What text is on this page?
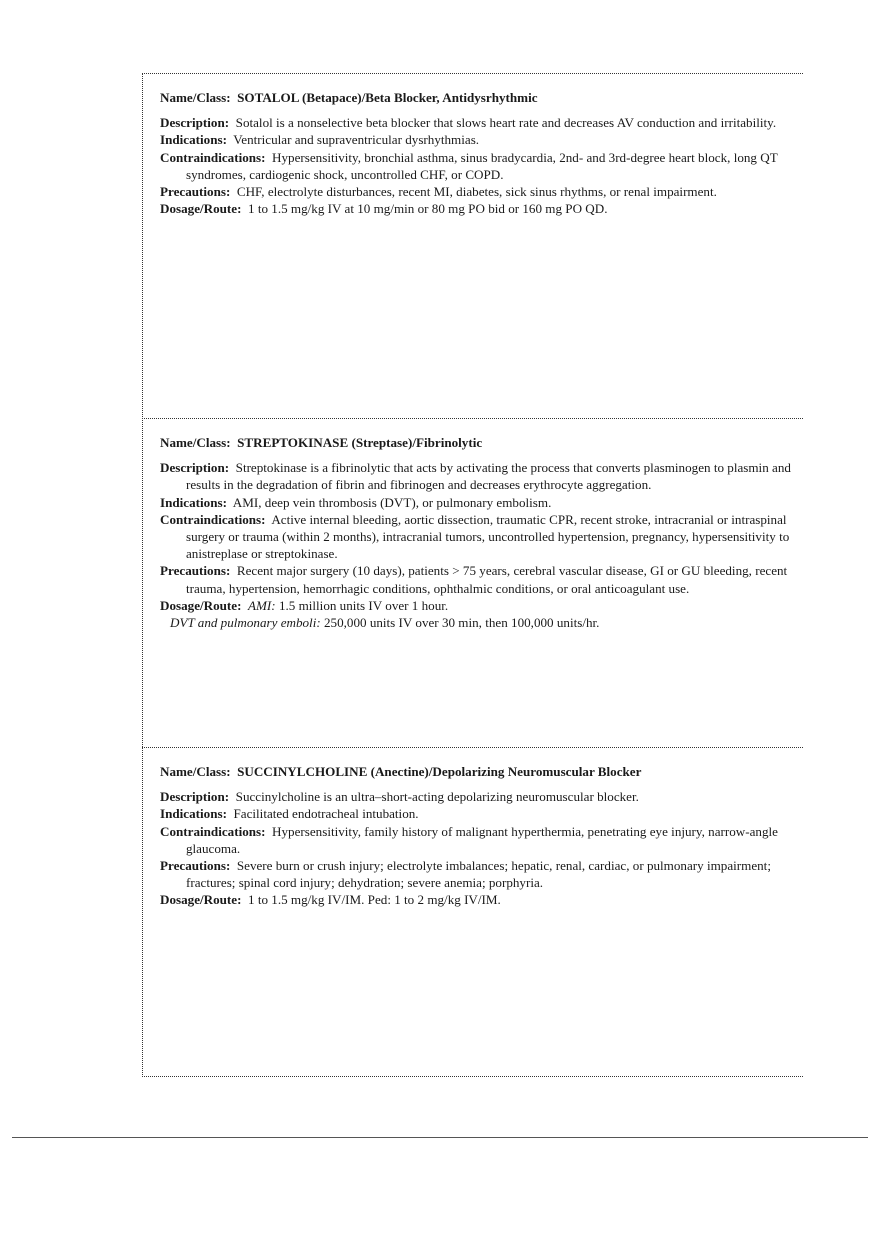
Name/Class: SOTALOL (Betapace)/Beta Blocker, Antidysrhythmic

Description: Sotalol is a nonselective beta blocker that slows heart rate and decreases AV conduction and irritability.

Indications: Ventricular and supraventricular dysrhythmias.

Contraindications: Hypersensitivity, bronchial asthma, sinus bradycardia, 2nd- and 3rd-degree heart block, long QT syndromes, cardiogenic shock, uncontrolled CHF, or COPD.

Precautions: CHF, electrolyte disturbances, recent MI, diabetes, sick sinus rhythms, or renal impairment.

Dosage/Route: 1 to 1.5 mg/kg IV at 10 mg/min or 80 mg PO bid or 160 mg PO QD.

Name/Class: STREPTOKINASE (Streptase)/Fibrinolytic

Description: Streptokinase is a fibrinolytic that acts by activating the process that converts plasminogen to plasmin and results in the degradation of fibrin and fibrinogen and decreases erythrocyte aggregation.

Indications: AMI, deep vein thrombosis (DVT), or pulmonary embolism.

Contraindications: Active internal bleeding, aortic dissection, traumatic CPR, recent stroke, intracranial or intraspinal surgery or trauma (within 2 months), intracranial tumors, uncontrolled hypertension, pregnancy, hypersensitivity to anistreplase or streptokinase.

Precautions: Recent major surgery (10 days), patients > 75 years, cerebral vascular disease, GI or GU bleeding, recent trauma, hypertension, hemorrhagic conditions, ophthalmic conditions, or oral anticoagulant use.

Dosage/Route: AMI: 1.5 million units IV over 1 hour.

DVT and pulmonary emboli: 250,000 units IV over 30 min, then 100,000 units/hr.

Name/Class: SUCCINYLCHOLINE (Anectine)/Depolarizing Neuromuscular Blocker

Description: Succinylcholine is an ultra–short-acting depolarizing neuromuscular blocker.

Indications: Facilitated endotracheal intubation.

Contraindications: Hypersensitivity, family history of malignant hyperthermia, penetrating eye injury, narrow-angle glaucoma.

Precautions: Severe burn or crush injury; electrolyte imbalances; hepatic, renal, cardiac, or pulmonary impairment; fractures; spinal cord injury; dehydration; severe anemia; porphyria.

Dosage/Route: 1 to 1.5 mg/kg IV/IM. Ped: 1 to 2 mg/kg IV/IM.
